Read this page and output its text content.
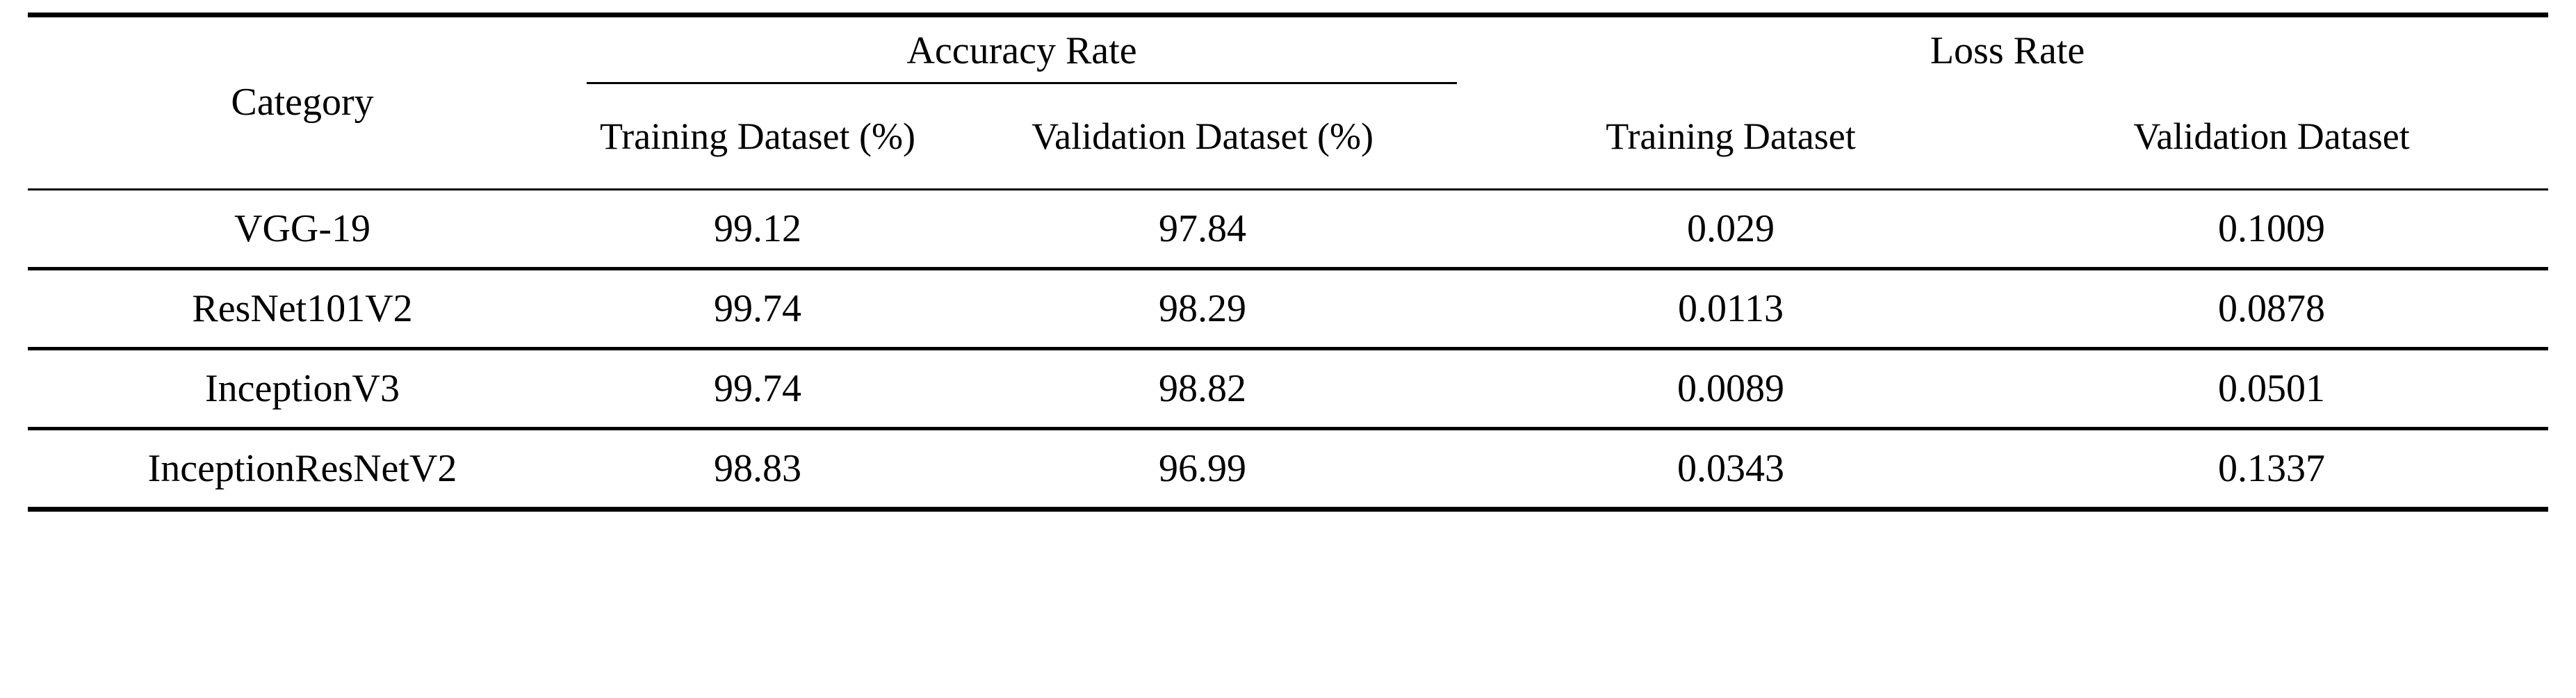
Category	Accuracy Rate		Loss Rate	
	Training Dataset (%)	Validation Dataset (%)	Training Dataset	Validation Dataset
VGG-19	99.12	97.84	0.029	0.1009
ResNet101V2	99.74	98.29	0.0113	0.0878
InceptionV3	99.74	98.82	0.0089	0.0501
InceptionResNetV2	98.83	96.99	0.0343	0.1337
